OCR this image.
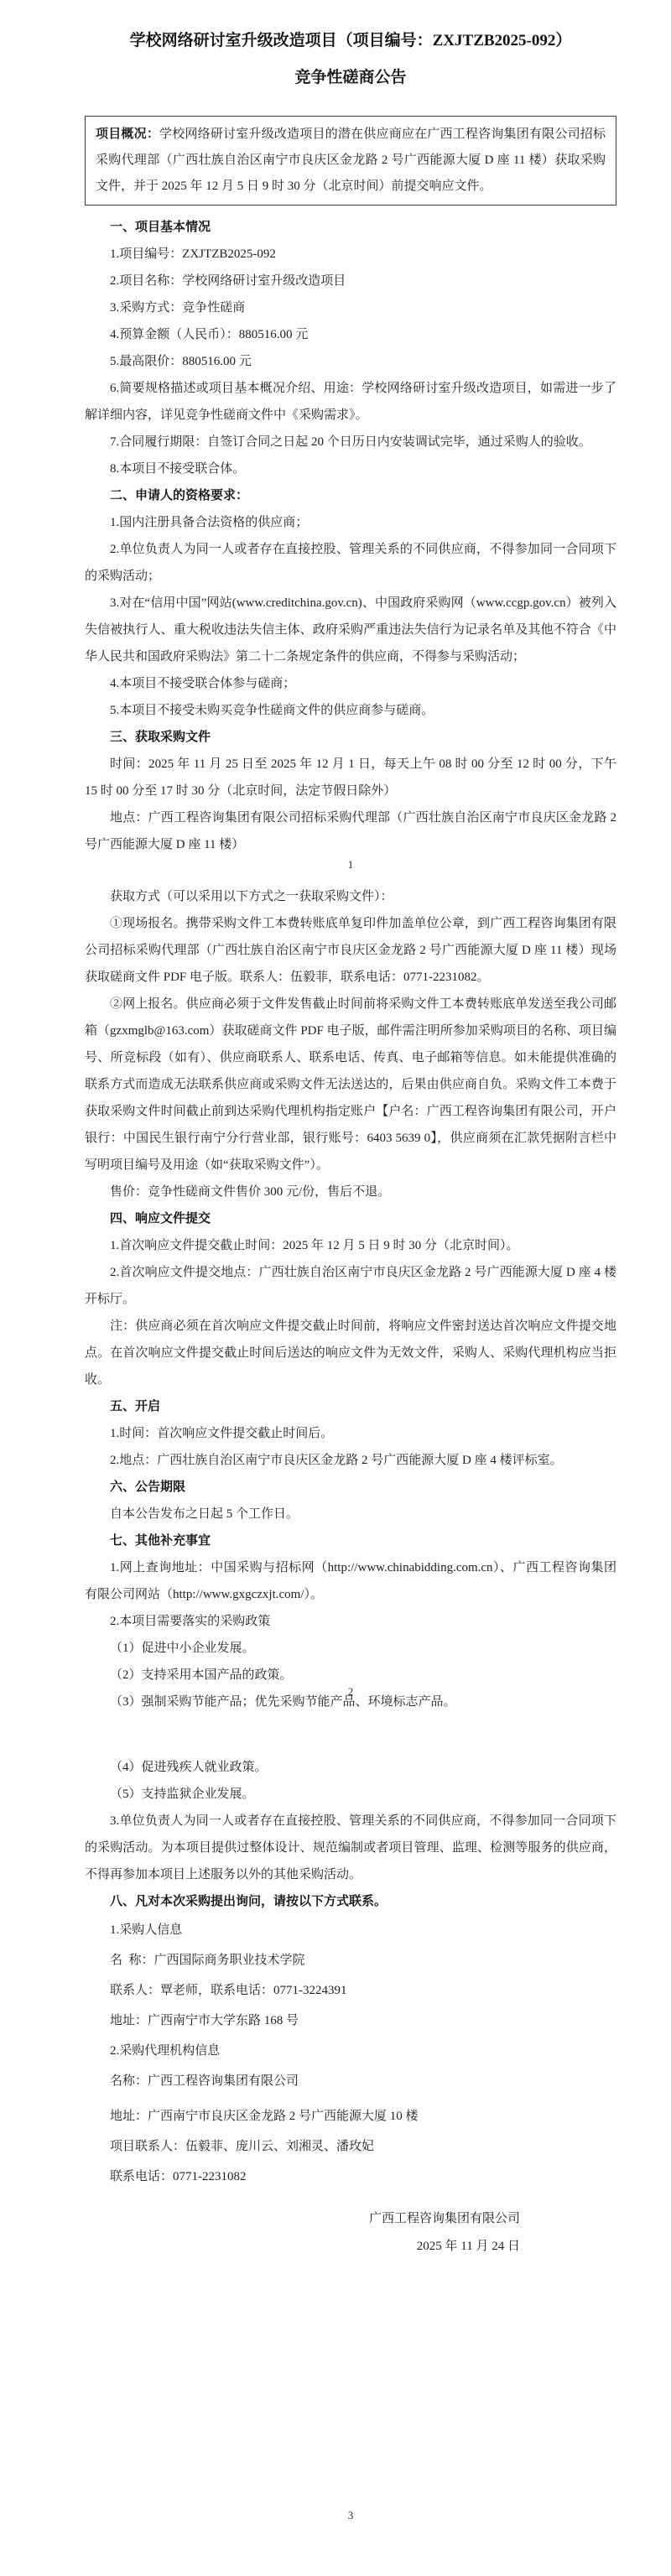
学校网络研讨室升级改造项目（项目编号：ZXJTZB2025-092）
竞争性磋商公告
项目概况：学校网络研讨室升级改造项目的潜在供应商应在广西工程咨询集团有限公司招标采购代理部（广西壮族自治区南宁市良庆区金龙路 2 号广西能源大厦 D 座 11 楼）获取采购文件，并于 2025 年 12 月 5 日 9 时 30 分（北京时间）前提交响应文件。
一、项目基本情况
1.项目编号：ZXJTZB2025-092
2.项目名称：学校网络研讨室升级改造项目
3.采购方式：竞争性磋商
4.预算金额（人民币）：880516.00 元
5.最高限价：880516.00 元
6.简要规格描述或项目基本概况介绍、用途：学校网络研讨室升级改造项目，如需进一步了解详细内容，详见竞争性磋商文件中《采购需求》。
7.合同履行期限：自签订合同之日起 20 个日历日内安装调试完毕，通过采购人的验收。
8.本项目不接受联合体。
二、申请人的资格要求：
1.国内注册具备合法资格的供应商；
2.单位负责人为同一人或者存在直接控股、管理关系的不同供应商，不得参加同一合同项下的采购活动；
3.对在“信用中国”网站(www.creditchina.gov.cn)、中国政府采购网（www.ccgp.gov.cn）被列入失信被执行人、重大税收违法失信主体、政府采购严重违法失信行为记录名单及其他不符合《中华人民共和国政府采购法》第二十二条规定条件的供应商，不得参与采购活动；
4.本项目不接受联合体参与磋商；
5.本项目不接受未购买竞争性磋商文件的供应商参与磋商。
三、获取采购文件
时间：2025 年 11 月 25 日至 2025 年 12 月 1 日，每天上午 08 时 00 分至 12 时 00 分，下午 15 时 00 分至 17 时 30 分（北京时间，法定节假日除外）
地点：广西工程咨询集团有限公司招标采购代理部（广西壮族自治区南宁市良庆区金龙路 2 号广西能源大厦 D 座 11 楼）
获取方式（可以采用以下方式之一获取采购文件）：
①现场报名。携带采购文件工本费转账底单复印件加盖单位公章，到广西工程咨询集团有限公司招标采购代理部（广西壮族自治区南宁市良庆区金龙路 2 号广西能源大厦 D 座 11 楼）现场获取磋商文件 PDF 电子版。联系人：伍毅菲，联系电话：0771-2231082。
②网上报名。供应商必须于文件发售截止时间前将采购文件工本费转账底单发送至我公司邮箱（gzxmglb@163.com）获取磋商文件 PDF 电子版，邮件需注明所参加采购项目的名称、项目编号、所竞标段（如有）、供应商联系人、联系电话、传真、电子邮箱等信息。如未能提供准确的联系方式而造成无法联系供应商或采购文件无法送达的，后果由供应商自负。采购文件工本费于获取采购文件时间截止前到达采购代理机构指定账户【户名：广西工程咨询集团有限公司，开户银行：中国民生银行南宁分行营业部，银行账号：6403 5639 0】，供应商须在汇款凭据附言栏中写明项目编号及用途（如“获取采购文件”）。
售价：竞争性磋商文件售价 300 元/份，售后不退。
四、响应文件提交
1.首次响应文件提交截止时间：2025 年 12 月 5 日 9 时 30 分（北京时间）。
2.首次响应文件提交地点：广西壮族自治区南宁市良庆区金龙路 2 号广西能源大厦 D 座 4 楼开标厅。
注：供应商必须在首次响应文件提交截止时间前，将响应文件密封送达首次响应文件提交地点。在首次响应文件提交截止时间后送达的响应文件为无效文件，采购人、采购代理机构应当拒收。
五、开启
1.时间：首次响应文件提交截止时间后。
2.地点：广西壮族自治区南宁市良庆区金龙路 2 号广西能源大厦 D 座 4 楼评标室。
六、公告期限
自本公告发布之日起 5 个工作日。
七、其他补充事宜
1.网上查询地址：中国采购与招标网（http://www.chinabidding.com.cn）、广西工程咨询集团有限公司网站（http://www.gxgczxjt.com/）。
2.本项目需要落实的采购政策
（1）促进中小企业发展。
（2）支持采用本国产品的政策。
（3）强制采购节能产品；优先采购节能产品、环境标志产品。
（4）促进残疾人就业政策。
（5）支持监狱企业发展。
3.单位负责人为同一人或者存在直接控股、管理关系的不同供应商，不得参加同一合同项下的采购活动。为本项目提供过整体设计、规范编制或者项目管理、监理、检测等服务的供应商，不得再参加本项目上述服务以外的其他采购活动。
八、凡对本次采购提出询问，请按以下方式联系。
1.采购人信息
名 称：广西国际商务职业技术学院
联系人：覃老师，联系电话：0771-3224391
地址：广西南宁市大学东路 168 号
2.采购代理机构信息
名称：广西工程咨询集团有限公司
地址：广西南宁市良庆区金龙路 2 号广西能源大厦 10 楼
项目联系人：伍毅菲、庞川云、刘湘灵、潘玫妃
联系电话：0771-2231082
广西工程咨询集团有限公司
2025 年 11 月 24 日
1
2
3
